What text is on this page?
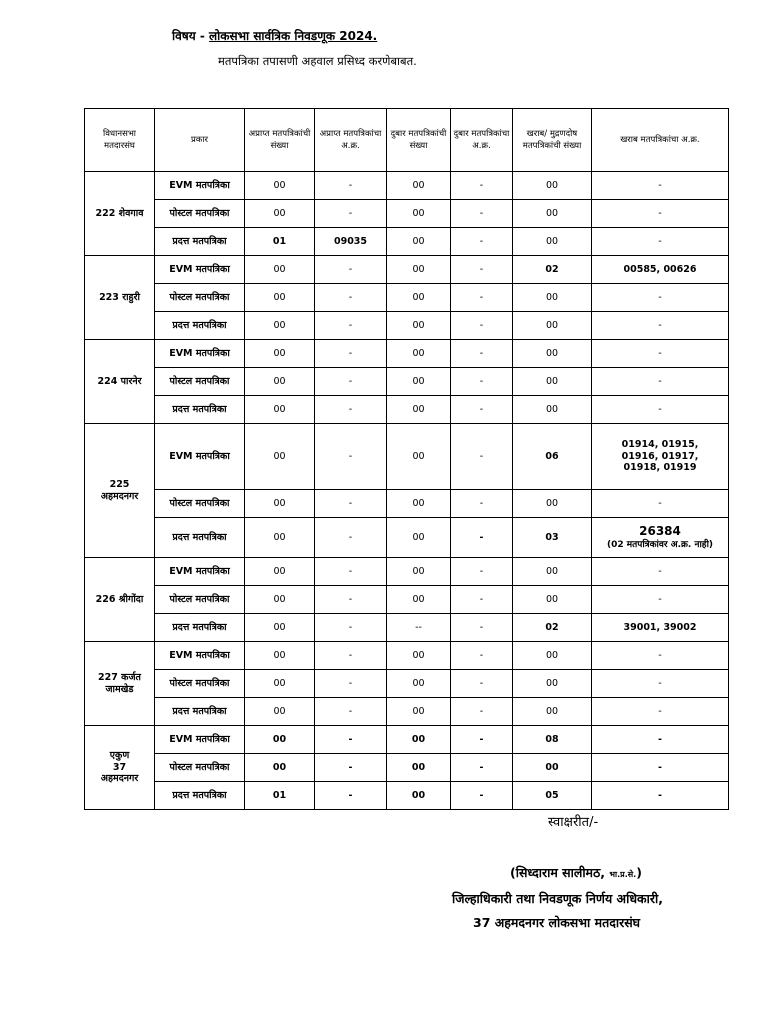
विषय - लोकसभा सार्वत्रिक निवडणूक 2024.
मतपत्रिका तपासणी अहवाल प्रसिध्द करणेबाबत.
विधानसभा मतदारसंघ	प्रकार	अप्राप्त मतपत्रिकांची संख्या	अप्राप्त मतपत्रिकांचा अ.क्र.	दुबार मतपत्रिकांची संख्या	दुबार मतपत्रिकांचा अ.क्र.	खराब/ मुद्रणदोष मतपत्रिकांची संख्या	खराब मतपत्रिकांचा अ.क्र.
222 शेवगाव	EVM मतपत्रिका	00	-	00	-	00	-
	पोस्टल मतपत्रिका	00	-	00	-	00	-
	प्रदत्त मतपत्रिका	01	09035	00	-	00	-
223 राहुरी	EVM मतपत्रिका	00	-	00	-	02	00585, 00626
	पोस्टल मतपत्रिका	00	-	00	-	00	-
	प्रदत्त मतपत्रिका	00	-	00	-	00	-
224 पारनेर	EVM मतपत्रिका	00	-	00	-	00	-
	पोस्टल मतपत्रिका	00	-	00	-	00	-
	प्रदत्त मतपत्रिका	00	-	00	-	00	-
225
अहमदनगर	EVM मतपत्रिका	00	-	00	-	06	01914, 01915,
01916, 01917,
01918, 01919
	पोस्टल मतपत्रिका	00	-	00	-	00	-
	प्रदत्त मतपत्रिका	00	-	00	-	03	26384
(02 मतपत्रिकांवर अ.क्र. नाही)

226 श्रीगोंदा	EVM मतपत्रिका	00	-	00	-	00	-
	पोस्टल मतपत्रिका	00	-	00	-	00	-
	प्रदत्त मतपत्रिका	00	-	--	-	02	39001, 39002
227 कर्जत
जामखेड	EVM मतपत्रिका	00	-	00	-	00	-
	पोस्टल मतपत्रिका	00	-	00	-	00	-
	प्रदत्त मतपत्रिका	00	-	00	-	00	-
एकुण
37
अहमदनगर	EVM मतपत्रिका	00	-	00	-	08	-
	पोस्टल मतपत्रिका	00	-	00	-	00	-
	प्रदत्त मतपत्रिका	01	-	00	-	05	-
स्वाक्षरीत/-
(सिध्दाराम सालीमठ, भा.प्र.से.)
जिल्हाधिकारी तथा निवडणूक निर्णय अधिकारी,
37 अहमदनगर लोकसभा मतदारसंघ
